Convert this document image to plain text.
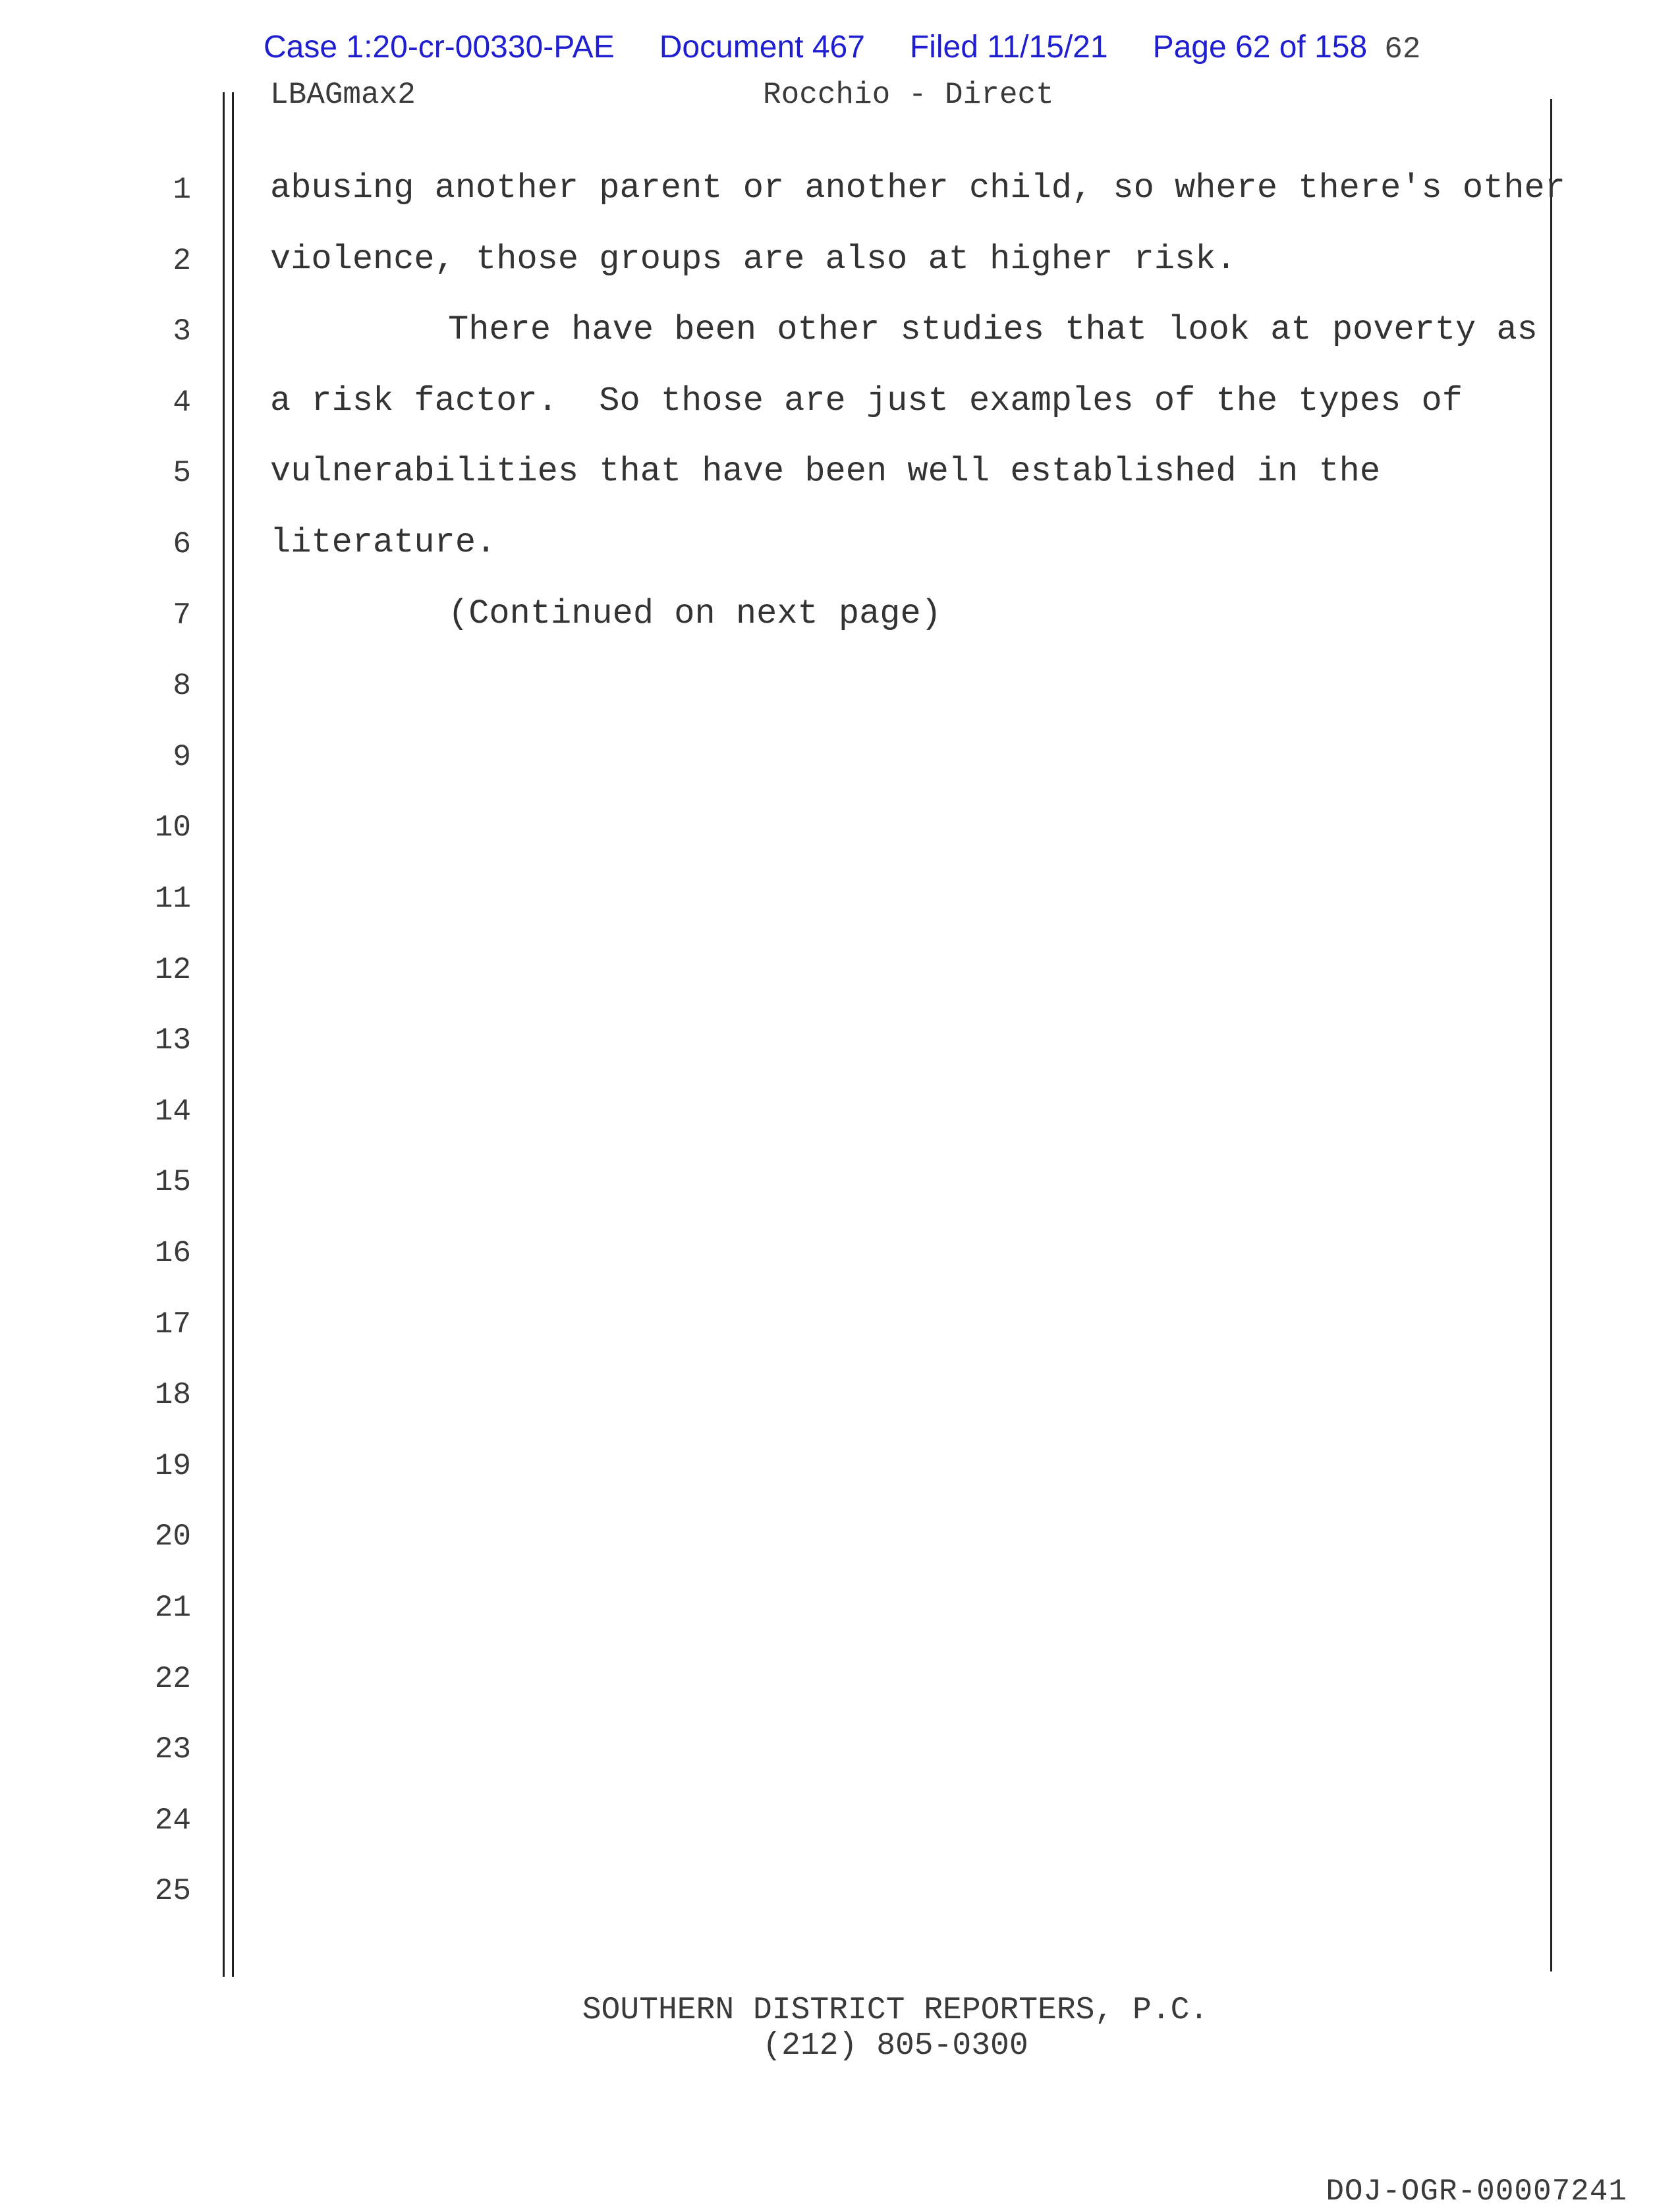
Case 1:20-cr-00330-PAE Document 467 Filed 11/15/21 Page 62 of 158 62
LBAGmax2	Rocchio - Direct
1 abusing another parent or another child, so where there's other
2 violence, those groups are also at higher risk.
3	There have been other studies that look at poverty as
4 a risk factor.  So those are just examples of the types of
5 vulnerabilities that have been well established in the
6 literature.
7	(Continued on next page)
8
9
10
11
12
13
14
15
16
17
18
19
20
21
22
23
24
25
SOUTHERN DISTRICT REPORTERS, P.C.
(212) 805-0300
DOJ-OGR-00007241
